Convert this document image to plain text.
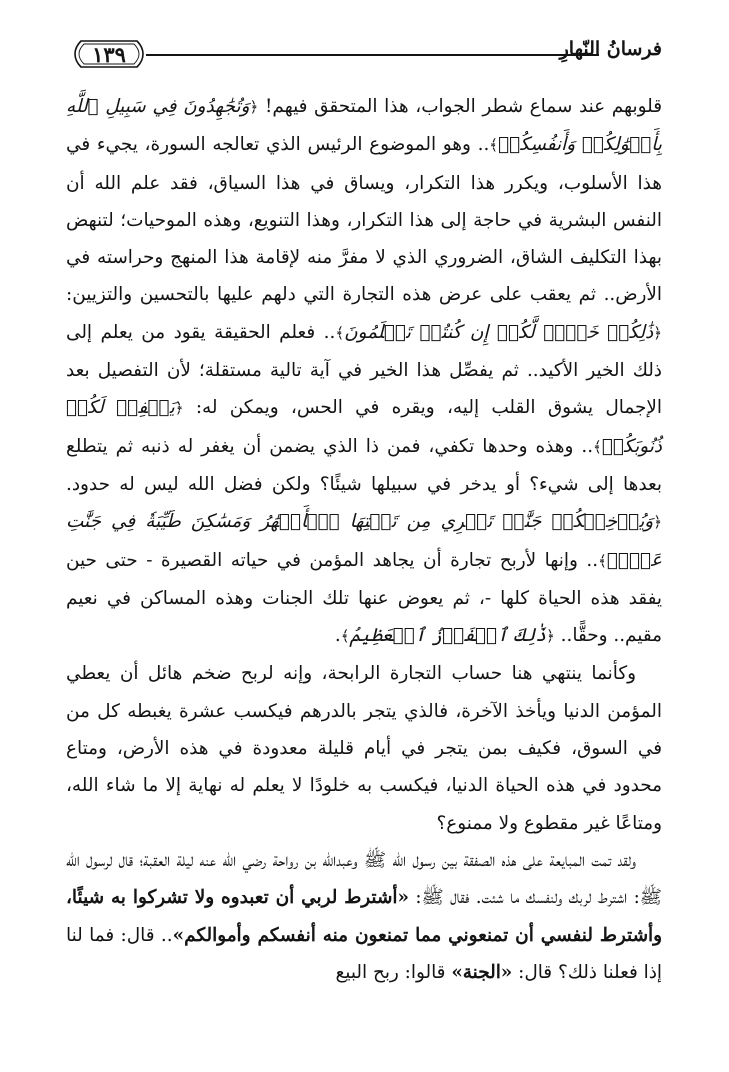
١٣٩	فرسانُ النّهارِ

قلوبهم عند سماع شطر الجواب، هذا المتحقق فيهم! ﴿وَتُجَٰهِدُونَ فِي سَبِيلِ ٱللَّهِ بِأَمۡوَٰلِكُمۡ وَأَنفُسِكُمۡ﴾.. وهو الموضوع الرئيس الذي تعالجه السورة، يجيء في هذا الأسلوب، ويكرر هذا التكرار، ويساق في هذا السياق، فقد علم الله أن النفس البشرية في حاجة إلى هذا التكرار، وهذا التنويع، وهذه الموحيات؛ لتنهض بهذا التكليف الشاق، الضروري الذي لا مفرَّ منه لإقامة هذا المنهج وحراسته في الأرض.. ثم يعقب على عرض هذه التجارة التي دلهم عليها بالتحسين والتزيين: ﴿ذَٰلِكُمۡ خَيۡرٞ لَّكُمۡ إِن كُنتُمۡ تَعۡلَمُونَ﴾.. فعلم الحقيقة يقود من يعلم إلى ذلك الخير الأكيد.. ثم يفصِّل هذا الخير في آية تالية مستقلة؛ لأن التفصيل بعد الإجمال يشوق القلب إليه، ويقره في الحس، ويمكن له: ﴿يَغۡفِرۡ لَكُمۡ ذُنُوبَكُمۡ﴾.. وهذه وحدها تكفي، فمن ذا الذي يضمن أن يغفر له ذنبه ثم يتطلع بعدها إلى شيء؟ أو يدخر في سبيلها شيئًا؟ ولكن فضل الله ليس له حدود. ﴿وَيُدۡخِلۡكُمۡ جَنَّٰتٖ تَجۡرِي مِن تَحۡتِهَا ٱلۡأَنۡهَٰرُ وَمَسَٰكِنَ طَيِّبَةٗ فِي جَنَّٰتِ عَدۡنٖ﴾.. وإنها لأربح تجارة أن يجاهد المؤمن في حياته القصيرة - حتى حين يفقد هذه الحياة كلها -، ثم يعوض عنها تلك الجنات وهذه المساكن في نعيم مقيم.. وحقًّا.. ﴿ذَٰلِكَ ٱلۡفَوۡزُ ٱلۡعَظِيمُ﴾.

وكأنما ينتهي هنا حساب التجارة الرابحة، وإنه لربح ضخم هائل أن يعطي المؤمن الدنيا ويأخذ الآخرة، فالذي يتجر بالدرهم فيكسب عشرة يغبطه كل من في السوق، فكيف بمن يتجر في أيام قليلة معدودة في هذه الأرض، ومتاع محدود في هذه الحياة الدنيا، فيكسب به خلودًا لا يعلم له نهاية إلا ما شاء الله، ومتاعًا غير مقطوع ولا ممنوع؟

ولقد تمت المبايعة على هذه الصفقة بين رسول الله ﷺ وعبدالله بن رواحة رضي الله عنه ليلة العقبة؛ قال لرسول الله ﷺ: اشترط لربك ولنفسك ما شئت. فقال ﷺ: «أشترط لربي أن تعبدوه ولا تشركوا به شيئًا، وأشترط لنفسي أن تمنعوني مما تمنعون منه أنفسكم وأموالكم».. قال: فما لنا إذا فعلنا ذلك؟ قال: «الجنة» قالوا: ربح البيع
